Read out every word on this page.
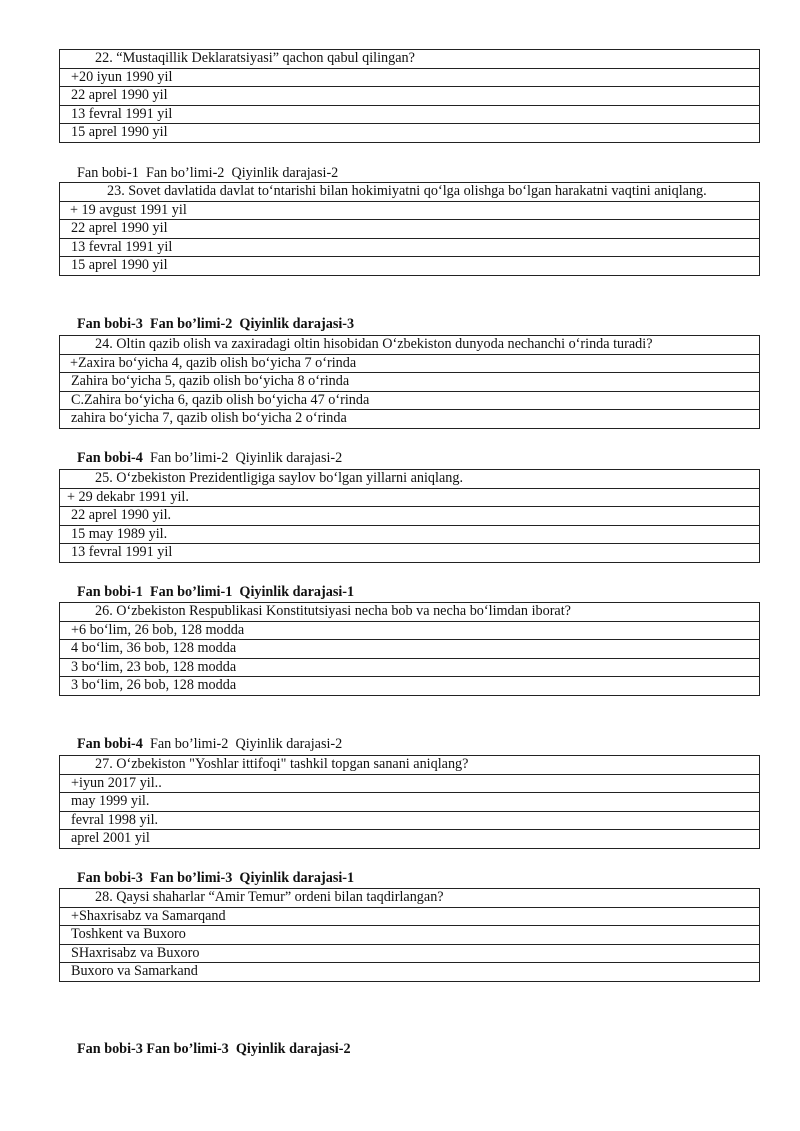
22. “Mustaqillik Deklaratsiyasi” qachon qabul qilingan?
+20 iyun 1990 yil
22 aprel 1990 yil
13 fevral 1991 yil
15 aprel 1990 yil
Fan bobi-1 Fan bo’limi-2 Qiyinlik darajasi-2
23. Sovet davlatida davlat to‘ntarishi bilan hokimiyatni qo‘lga olishga bo‘lgan harakatni vaqtini aniqlang.
+ 19 avgust 1991 yil
22 aprel 1990 yil
13 fevral 1991 yil
15 aprel 1990 yil
Fan bobi-3 Fan bo’limi-2 Qiyinlik darajasi-3
24. Oltin qazib olish va zaxiradagi oltin hisobidan O‘zbekiston dunyoda nechanchi o‘rinda turadi?
+Zaxira bo‘yicha 4, qazib olish bo‘yicha 7 o‘rinda
Zahira bo‘yicha 5, qazib olish bo‘yicha 8 o‘rinda
C.Zahira bo‘yicha 6, qazib olish bo‘yicha 47 o‘rinda
zahira bo‘yicha 7, qazib olish bo‘yicha 2 o‘rinda
Fan bobi-4 Fan bo’limi-2 Qiyinlik darajasi-2
25. O‘zbekiston Prezidentligiga saylov bo‘lgan yillarni aniqlang.
+ 29 dekabr 1991 yil.
22 aprel 1990 yil.
15 may 1989 yil.
13 fevral 1991 yil
Fan bobi-1 Fan bo’limi-1 Qiyinlik darajasi-1
26. O‘zbekiston Respublikasi Konstitutsiyasi necha bob va necha bo‘limdan iborat?
+6 bo‘lim, 26 bob, 128 modda
4 bo‘lim, 36 bob, 128 modda
3 bo‘lim, 23 bob, 128 modda
3 bo‘lim, 26 bob, 128 modda
Fan bobi-4 Fan bo’limi-2 Qiyinlik darajasi-2
27. O‘zbekiston "Yoshlar ittifoqi" tashkil topgan sanani aniqlang?
+iyun 2017 yil..
may 1999 yil.
fevral 1998 yil.
aprel 2001 yil
Fan bobi-3 Fan bo’limi-3 Qiyinlik darajasi-1
28. Qaysi shaharlar “Amir Temur” ordeni bilan taqdirlangan?
+Shaxrisabz va Samarqand
Toshkent va Buxoro
SHaxrisabz va Buxoro
Buxoro va Samarkand
Fan bobi-3 Fan bo’limi-3 Qiyinlik darajasi-2
